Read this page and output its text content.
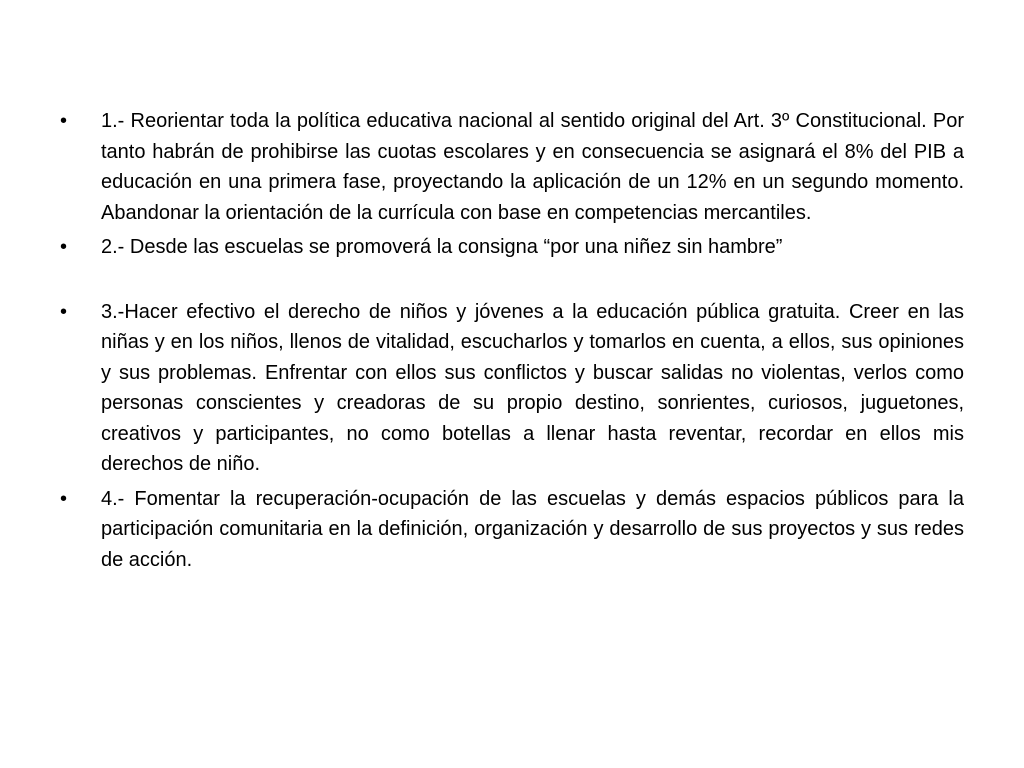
•	1.- Reorientar toda la política educativa nacional al sentido original del Art. 3º Constitucional. Por tanto habrán de prohibirse las cuotas escolares y en consecuencia se asignará el 8% del PIB a educación en una primera fase, proyectando la aplicación de un 12% en un segundo momento. Abandonar la orientación de la currícula con base en competencias mercantiles.
•	2.- Desde las escuelas se promoverá la consigna “por una niñez sin hambre”
•	3.-Hacer efectivo el derecho de niños y jóvenes a la educación pública gratuita. Creer en las niñas y en los niños, llenos de vitalidad, escucharlos y tomarlos en cuenta, a ellos, sus opiniones y sus problemas. Enfrentar con ellos sus conflictos y buscar salidas no violentas, verlos como personas conscientes y creadoras de su propio destino, sonrientes, curiosos, juguetones, creativos y participantes, no como botellas a llenar hasta reventar, recordar en ellos mis derechos de niño.
•	4.- Fomentar la recuperación-ocupación de las escuelas y demás espacios públicos para la participación comunitaria en la definición, organización y desarrollo de sus proyectos y sus redes de acción.
